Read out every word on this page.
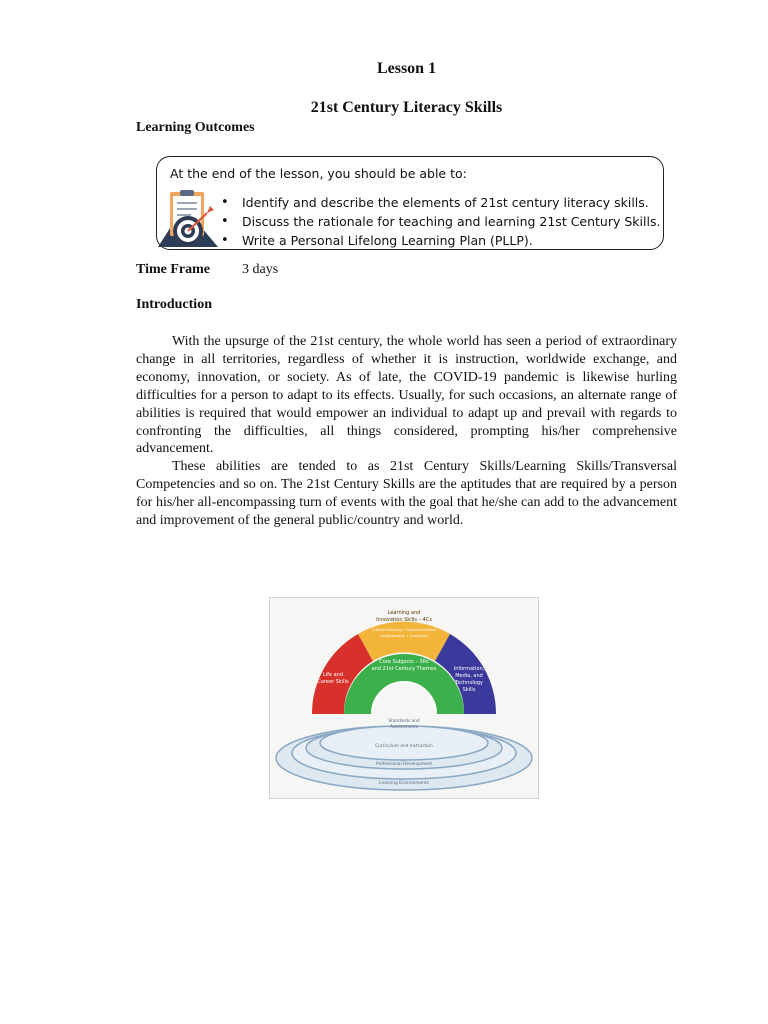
Lesson 1
21st Century Literacy Skills
Learning Outcomes
At the end of the lesson, you should be able to:
• Identify and describe the elements of 21st century literacy skills.
• Discuss the rationale for teaching and learning 21st Century Skills.
• Write a Personal Lifelong Learning Plan (PLLP).
Time Frame 3 days
Introduction

With the upsurge of the 21st century, the whole world has seen a period of extraordinary change in all territories, regardless of whether it is instruction, worldwide exchange, and economy, innovation, or society. As of late, the COVID-19 pandemic is likewise hurling difficulties for a person to adapt to its effects. Usually, for such occasions, an alternate range of abilities is required that would empower an individual to adapt up and prevail with regards to confronting the difficulties, all things considered, prompting his/her comprehensive advancement.

These abilities are tended to as 21st Century Skills/Learning Skills/Transversal Competencies and so on. The 21st Century Skills are the aptitudes that are required by a person for his/her all-encompassing turn of events with the goal that he/she can add to the advancement and improvement of the general public/country and world.

Learning and
Innovation Skills – 4Cs
Critical thinking • Communication
Collaboration • Creativity
Life and
Career Skills
Information,
Media, and
Technology
Skills
Core Subjects – 3Rs
and 21st Century Themes
Standards and
Assessments
Curriculum and Instruction
Professional Development
Learning Environments
